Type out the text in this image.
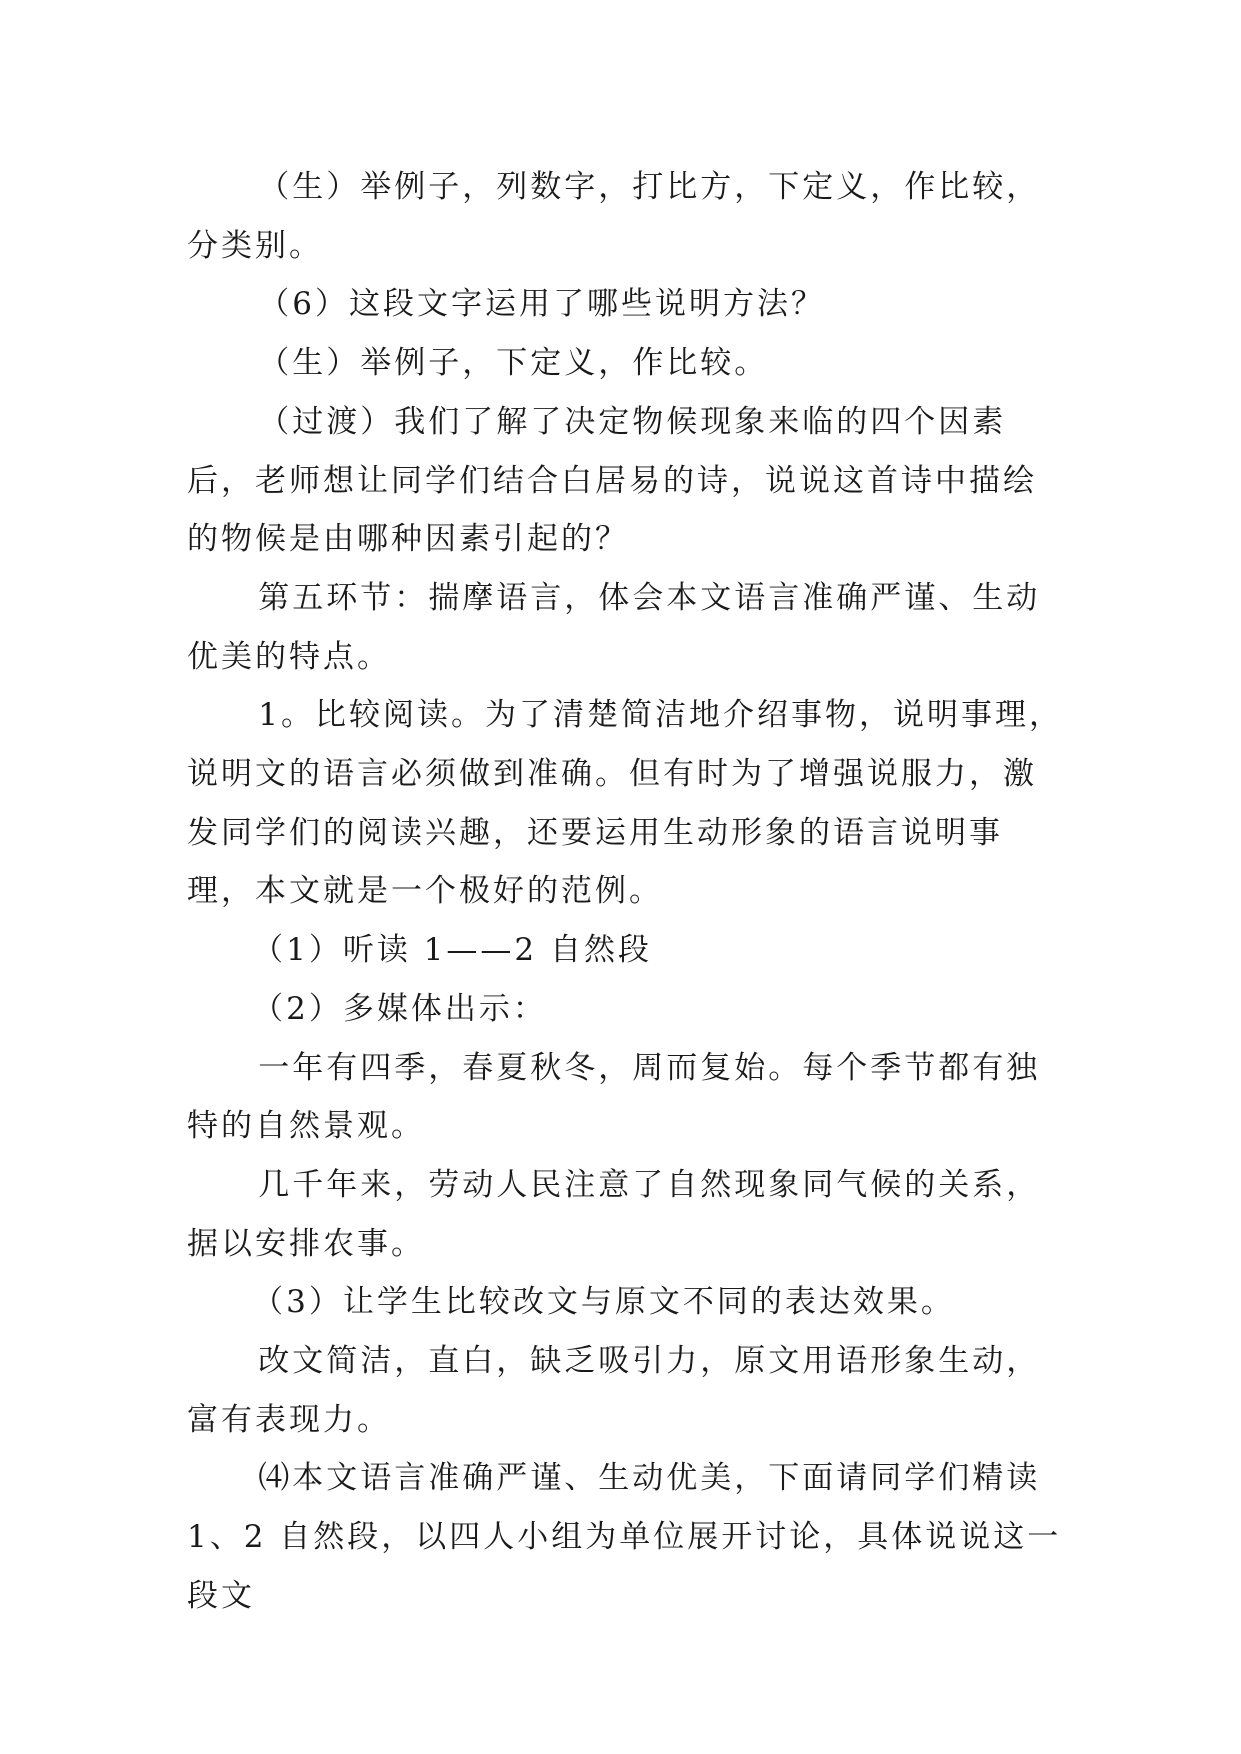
（生）举例子，列数字，打比方，下定义，作比较，分类别。

（6）这段文字运用了哪些说明方法？

（生）举例子，下定义，作比较。

（过渡）我们了解了决定物候现象来临的四个因素后，老师想让同学们结合白居易的诗，说说这首诗中描绘的物候是由哪种因素引起的？

第五环节：揣摩语言，体会本文语言准确严谨、生动优美的特点。

1。比较阅读。为了清楚简洁地介绍事物，说明事理，说明文的语言必须做到准确。但有时为了增强说服力，激发同学们的阅读兴趣，还要运用生动形象的语言说明事理，本文就是一个极好的范例。

（1）听读 1——2 自然段

（2）多媒体出示：

一年有四季，春夏秋冬，周而复始。每个季节都有独特的自然景观。

几千年来，劳动人民注意了自然现象同气候的关系，据以安排农事。

（3）让学生比较改文与原文不同的表达效果。

改文简洁，直白，缺乏吸引力，原文用语形象生动，富有表现力。

⑷本文语言准确严谨、生动优美，下面请同学们精读 1、2 自然段，以四人小组为单位展开讨论，具体说说这一段文
